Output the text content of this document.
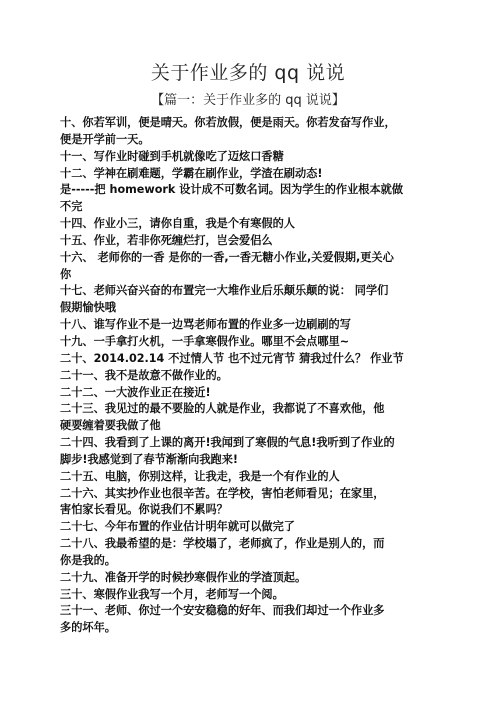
关于作业多的 qq 说说
【篇一：关于作业多的 qq 说说】
十、你若军训，便是晴天。你若放假，便是雨天。你若发奋写作业，
便是开学前一天。
十一、写作业时碰到手机就像吃了迈炫口香糖
十二、学神在刷难题，学霸在刷作业，学渣在刷动态!
是-----把 homework 设计成不可数名词。因为学生的作业根本就做
不完
十四、作业小三，请你自重，我是个有寒假的人
十五、作业，若非你死缠烂打，岂会爱侣么
十六、 老师你的一香 是你的一香,一香无糖小作业,关爱假期,更关心
你
十七、老师兴奋兴奋的布置完一大堆作业后乐颠乐颠的说： 同学们
假期愉快哦
十八、谁写作业不是一边骂老师布置的作业多一边刷刷的写
十九、一手拿打火机，一手拿寒假作业。哪里不会点哪里~
二十、2014.02.14 不过情人节 也不过元宵节 猜我过什么？ 作业节
二十一、我不是故意不做作业的。
二十二、一大波作业正在接近!
二十三、我见过的最不要脸的人就是作业，我都说了不喜欢他，他
硬要缠着要我做了他
二十四、我看到了上课的离开!我闻到了寒假的气息!我听到了作业的
脚步!我感觉到了春节渐渐向我跑来!
二十五、电脑，你别这样，让我走，我是一个有作业的人
二十六、其实抄作业也很辛苦。在学校，害怕老师看见；在家里，
害怕家长看见。你说我们不累吗？
二十七、今年布置的作业估计明年就可以做完了
二十八、我最希望的是：学校塌了，老师疯了，作业是别人的，而
你是我的。
二十九、准备开学的时候抄寒假作业的学渣顶起。
三十、寒假作业我写一个月，老师写一个阅。
三十一、老师、你过一个安安稳稳的好年、而我们却过一个作业多
多的坏年。
